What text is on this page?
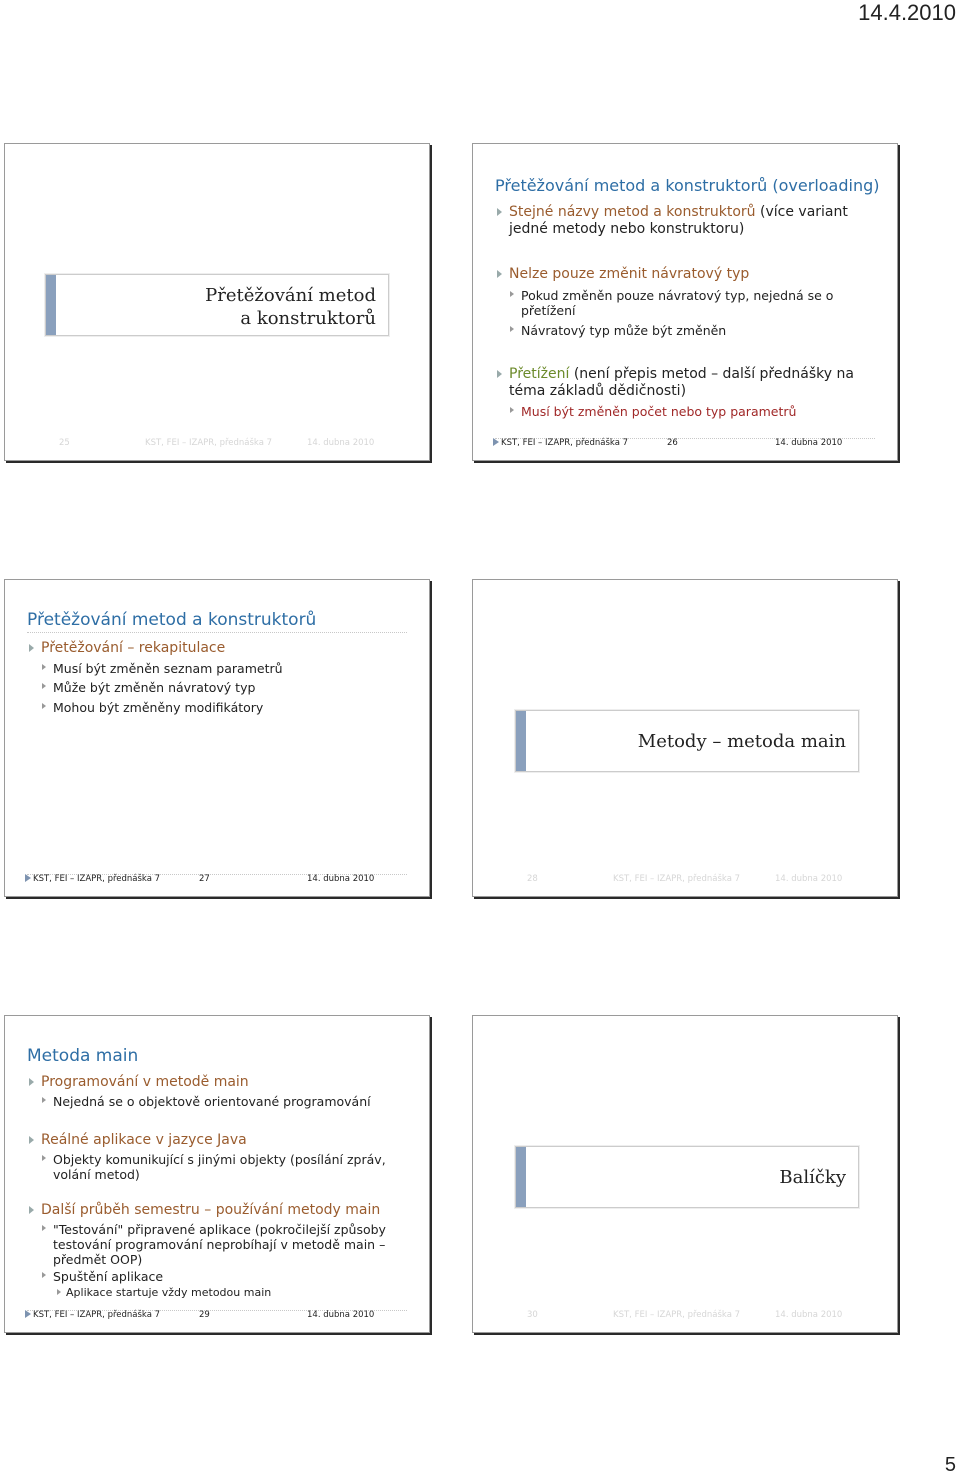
14.4.2010
Přetěžování metod
a konstruktorů
25	KST, FEI – IZAPR, přednáška 7	14. dubna 2010
Přetěžování metod a konstruktorů (overloading)
Stejné názvy metod a konstruktorů (více variant jedné metody nebo konstruktoru)
Nelze pouze změnit návratový typ
Pokud změněn pouze návratový typ, nejedná se o přetížení
Návratový typ může být změněn
Přetížení (není přepis metod – další přednášky na téma základů dědičnosti)
Musí být změněn počet nebo typ parametrů
KST, FEI – IZAPR, přednáška 7	26	14. dubna 2010
Přetěžování metod a konstruktorů
Přetěžování – rekapitulace
Musí být změněn seznam parametrů
Může být změněn návratový typ
Mohou být změněny modifikátory
KST, FEI – IZAPR, přednáška 7	27	14. dubna 2010
Metody – metoda main
28	KST, FEI – IZAPR, přednáška 7	14. dubna 2010
Metoda main
Programování v metodě main
Nejedná se o objektově orientované programování
Reálné aplikace v jazyce Java
Objekty komunikující s jinými objekty (posílání zpráv, volání metod)
Další průběh semestru – používání metody main
"Testování" připravené aplikace (pokročilejší způsoby testování programování neprobíhají v metodě main – předmět OOP)
Spuštění aplikace
Aplikace startuje vždy metodou main
KST, FEI – IZAPR, přednáška 7	29	14. dubna 2010
Balíčky
30	KST, FEI – IZAPR, přednáška 7	14. dubna 2010
5
